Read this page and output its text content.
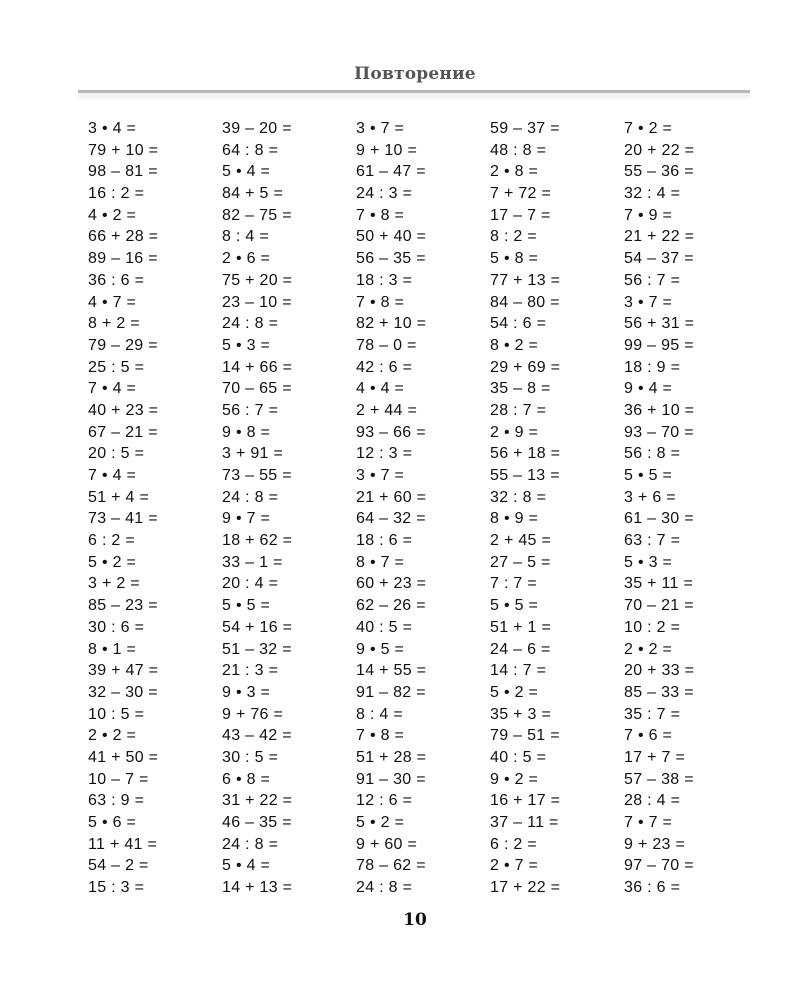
Повторение
3 • 4 =
79 + 10 =
98 – 81 =
16 : 2 =
4 • 2 =
66 + 28 =
89 – 16 =
36 : 6 =
4 • 7 =
8 + 2 =
79 – 29 =
25 : 5 =
7 • 4 =
40 + 23 =
67 – 21 =
20 : 5 =
7 • 4 =
51 + 4 =
73 – 41 =
6 : 2 =
5 • 2 =
3 + 2 =
85 – 23 =
30 : 6 =
8 • 1 =
39 + 47 =
32 – 30 =
10 : 5 =
2 • 2 =
41 + 50 =
10 – 7 =
63 : 9 =
5 • 6 =
11 + 41 =
54 – 2 =
15 : 3 =
39 – 20 =
64 : 8 =
5 • 4 =
84 + 5 =
82 – 75 =
8 : 4 =
2 • 6 =
75 + 20 =
23 – 10 =
24 : 8 =
5 • 3 =
14 + 66 =
70 – 65 =
56 : 7 =
9 • 8 =
3 + 91 =
73 – 55 =
24 : 8 =
9 • 7 =
18 + 62 =
33 – 1 =
20 : 4 =
5 • 5 =
54 + 16 =
51 – 32 =
21 : 3 =
9 • 3 =
9 + 76 =
43 – 42 =
30 : 5 =
6 • 8 =
31 + 22 =
46 – 35 =
24 : 8 =
5 • 4 =
14 + 13 =
3 • 7 =
9 + 10 =
61 – 47 =
24 : 3 =
7 • 8 =
50 + 40 =
56 – 35 =
18 : 3 =
7 • 8 =
82 + 10 =
78 – 0 =
42 : 6 =
4 • 4 =
2 + 44 =
93 – 66 =
12 : 3 =
3 • 7 =
21 + 60 =
64 – 32 =
18 : 6 =
8 • 7 =
60 + 23 =
62 – 26 =
40 : 5 =
9 • 5 =
14 + 55 =
91 – 82 =
8 : 4 =
7 • 8 =
51 + 28 =
91 – 30 =
12 : 6 =
5 • 2 =
9 + 60 =
78 – 62 =
24 : 8 =
59 – 37 =
48 : 8 =
2 • 8 =
7 + 72 =
17 – 7 =
8 : 2 =
5 • 8 =
77 + 13 =
84 – 80 =
54 : 6 =
8 • 2 =
29 + 69 =
35 – 8 =
28 : 7 =
2 • 9 =
56 + 18 =
55 – 13 =
32 : 8 =
8 • 9 =
2 + 45 =
27 – 5 =
7 : 7 =
5 • 5 =
51 + 1 =
24 – 6 =
14 : 7 =
5 • 2 =
35 + 3 =
79 – 51 =
40 : 5 =
9 • 2 =
16 + 17 =
37 – 11 =
6 : 2 =
2 • 7 =
17 + 22 =
7 • 2 =
20 + 22 =
55 – 36 =
32 : 4 =
7 • 9 =
21 + 22 =
54 – 37 =
56 : 7 =
3 • 7 =
56 + 31 =
99 – 95 =
18 : 9 =
9 • 4 =
36 + 10 =
93 – 70 =
56 : 8 =
5 • 5 =
3 + 6 =
61 – 30 =
63 : 7 =
5 • 3 =
35 + 11 =
70 – 21 =
10 : 2 =
2 • 2 =
20 + 33 =
85 – 33 =
35 : 7 =
7 • 6 =
17 + 7 =
57 – 38 =
28 : 4 =
7 • 7 =
9 + 23 =
97 – 70 =
36 : 6 =
10
